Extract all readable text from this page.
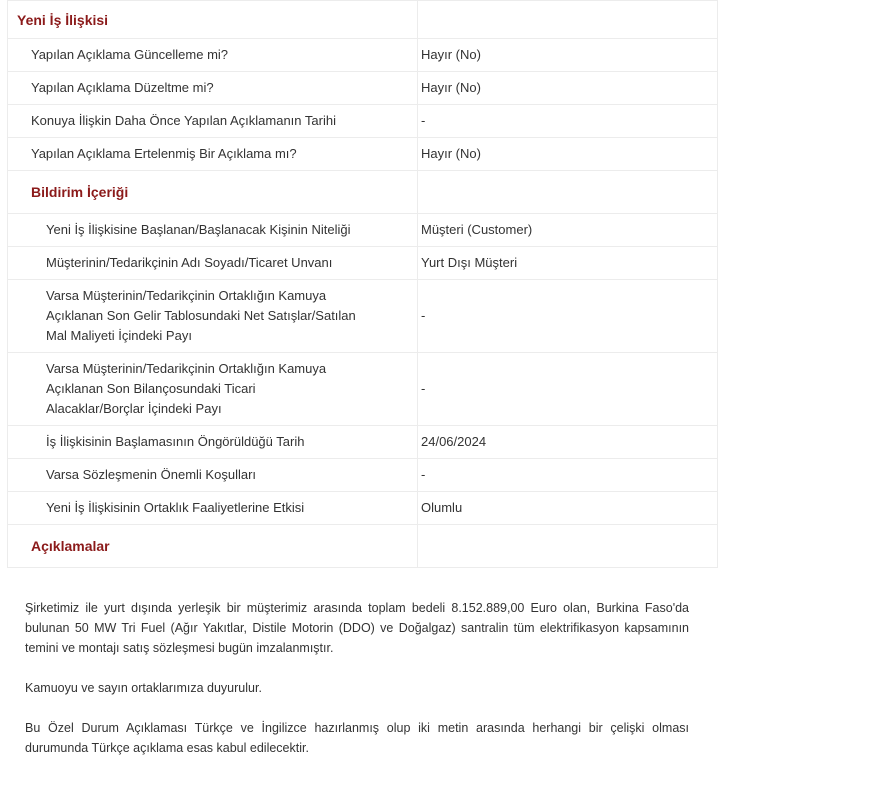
Yeni İş İlişkisi	
Yapılan Açıklama Güncelleme mi?	Hayır (No)
Yapılan Açıklama Düzeltme mi?	Hayır (No)
Konuya İlişkin Daha Önce Yapılan Açıklamanın Tarihi	-
Yapılan Açıklama Ertelenmiş Bir Açıklama mı?	Hayır (No)
Bildirim İçeriği	
Yeni İş İlişkisine Başlanan/Başlanacak Kişinin Niteliği	Müşteri (Customer)
Müşterinin/Tedarikçinin Adı Soyadı/Ticaret Unvanı	Yurt Dışı Müşteri

Varsa Müşterinin/Tedarikçinin Ortaklığın Kamuya Açıklanan Son Gelir Tablosundaki Net Satışlar/Satılan Mal Maliyeti İçindeki Payı	-

Varsa Müşterinin/Tedarikçinin Ortaklığın Kamuya Açıklanan Son Bilançosundaki Ticari Alacaklar/Borçlar İçindeki Payı	-
İş İlişkisinin Başlamasının Öngörüldüğü Tarih	24/06/2024
Varsa Sözleşmenin Önemli Koşulları	-
Yeni İş İlişkisinin Ortaklık Faaliyetlerine Etkisi	Olumlu
Açıklamalar	

Şirketimiz ile yurt dışında yerleşik bir müşterimiz arasında toplam bedeli 8.152.889,00 Euro olan, Burkina Faso'da bulunan 50 MW Tri Fuel (Ağır Yakıtlar, Distile Motorin (DDO) ve Doğalgaz) santralin tüm elektrifikasyon kapsamının temini ve montajı satış sözleşmesi bugün imzalanmıştır.

Kamuoyu ve sayın ortaklarımıza duyurulur.

Bu Özel Durum Açıklaması Türkçe ve İngilizce hazırlanmış olup iki metin arasında herhangi bir çelişki olması durumunda Türkçe açıklama esas kabul edilecektir.
